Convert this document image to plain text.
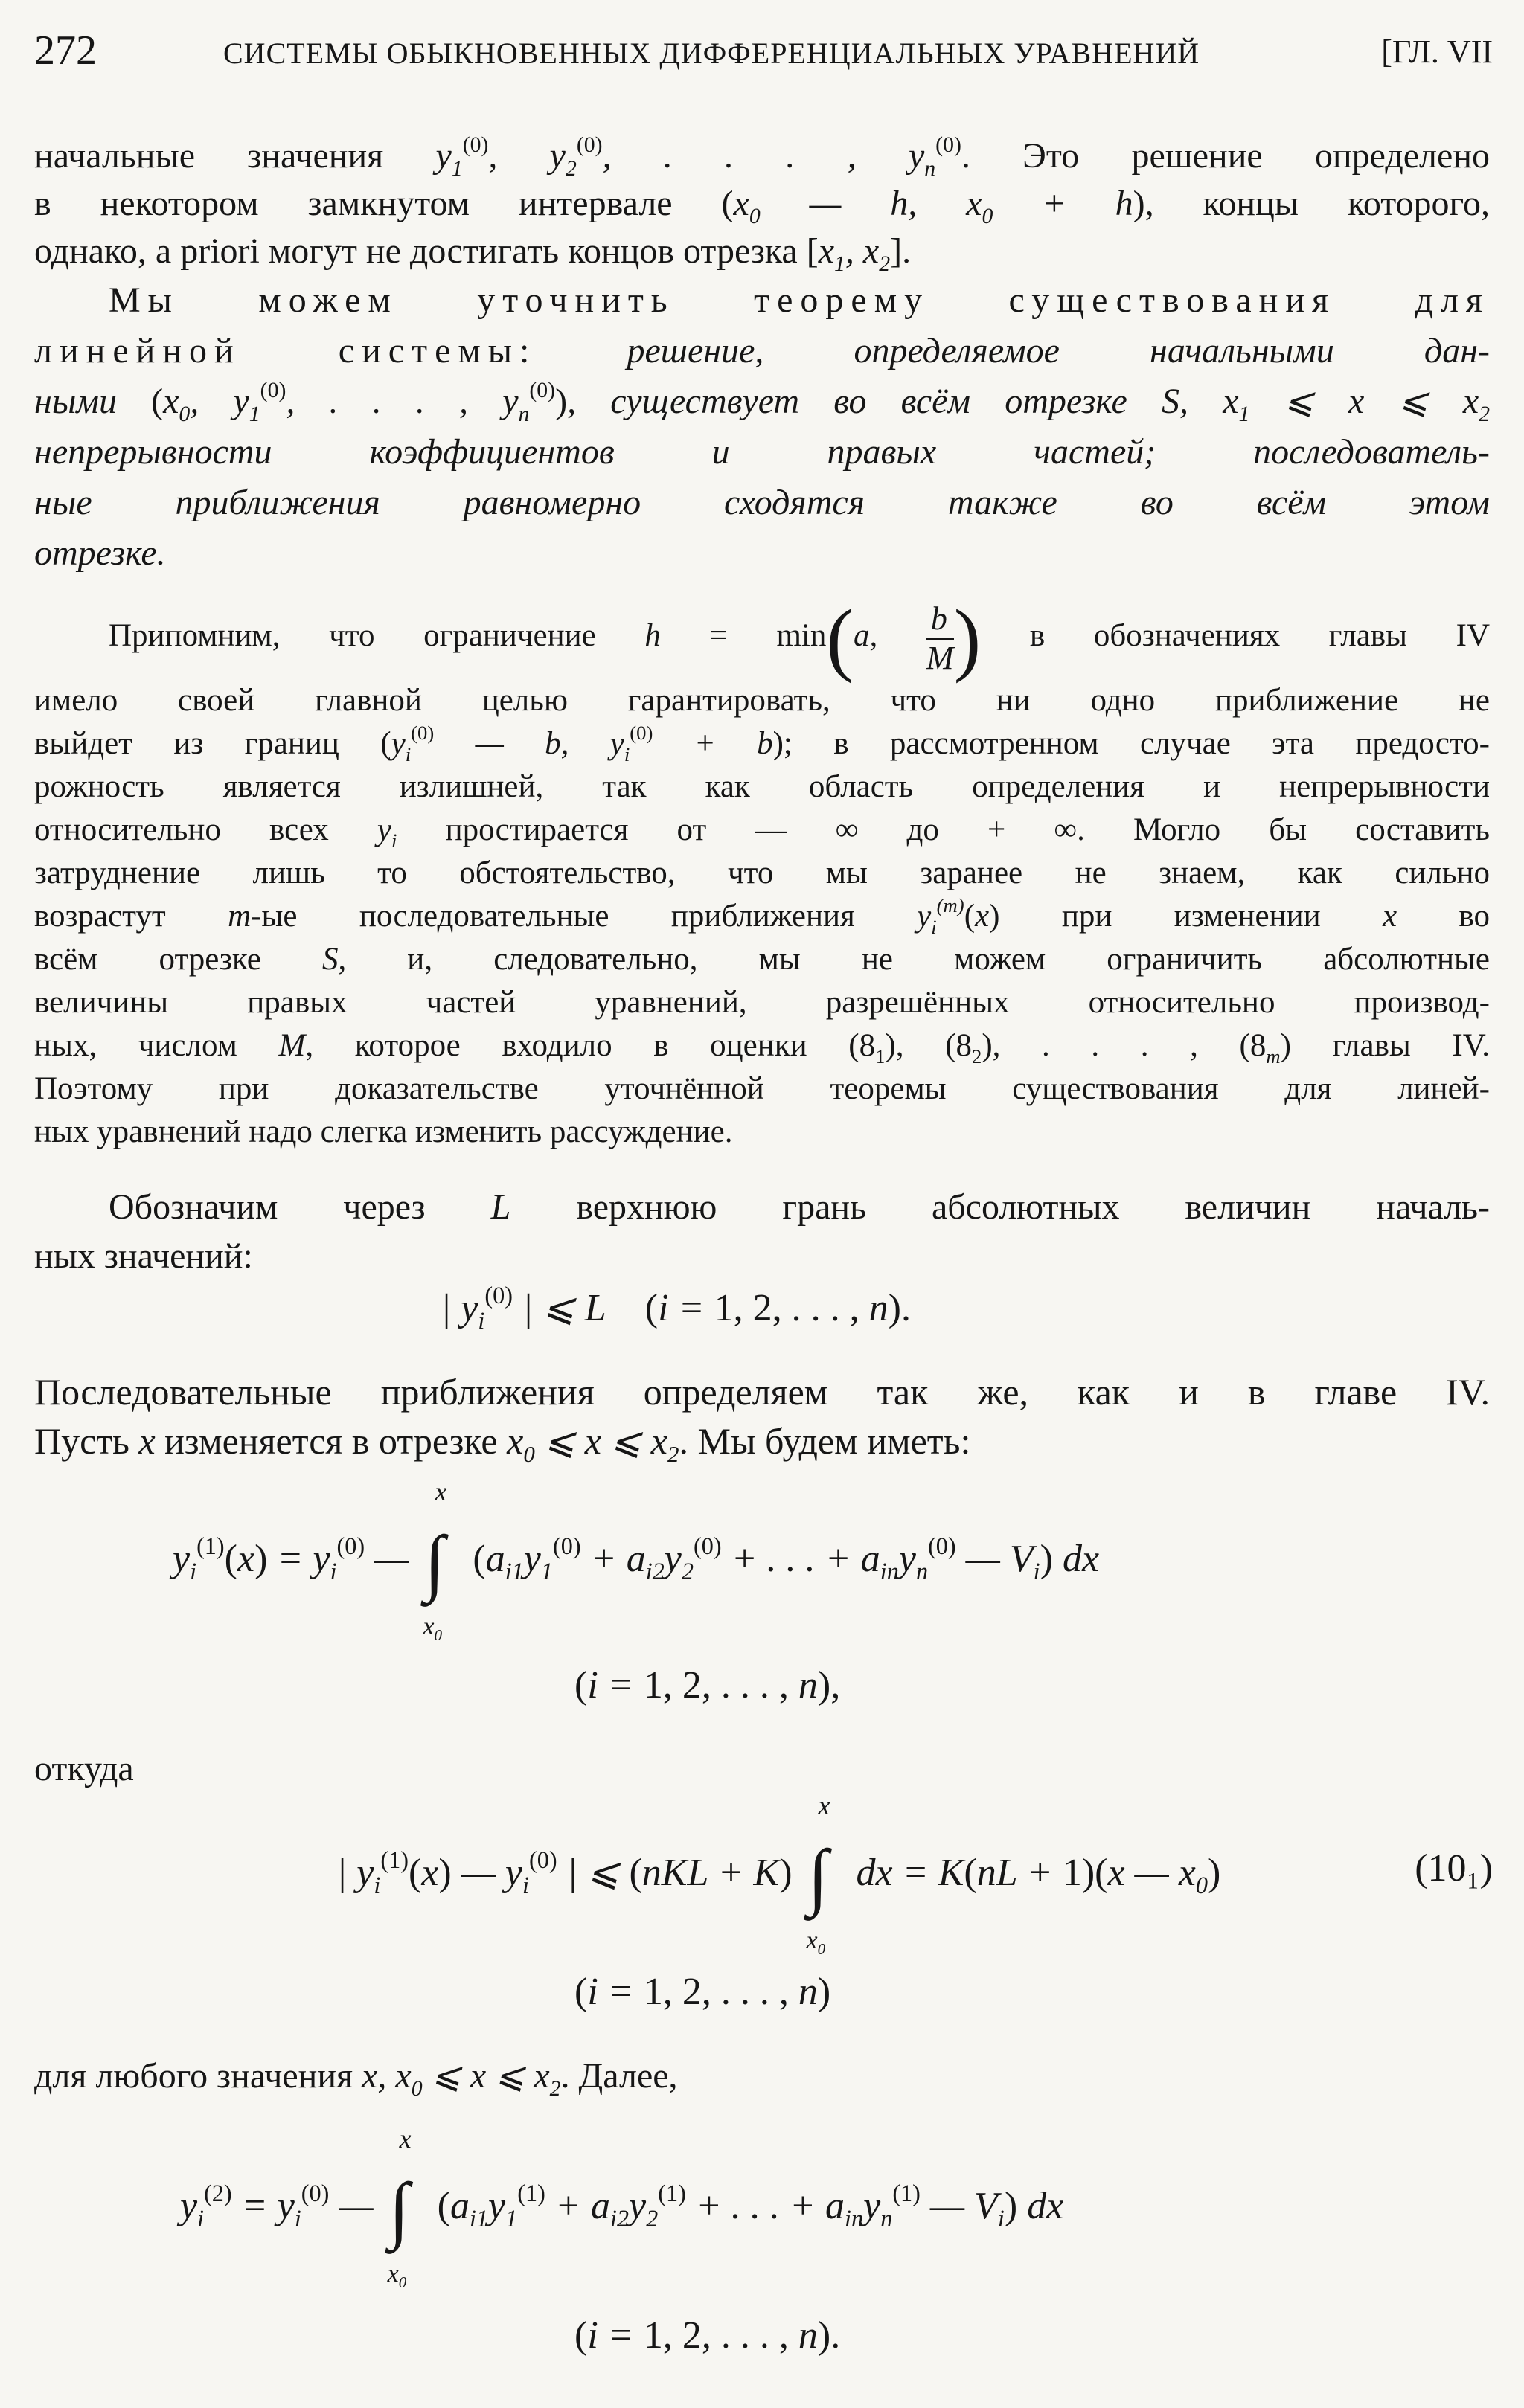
272	СИСТЕМЫ ОБЫКНОВЕННЫХ ДИФФЕРЕНЦИАЛЬНЫХ УРАВНЕНИЙ	[ГЛ. VII
начальные значения $y_1^{(0)}$, $y_2^{(0)}$, . . . , $y_n^{(0)}$. Это решение определено
в некотором замкнутом интервале ($x_0$ — h, $x_0 + h$), концы которого,
однако, a priori могут не достигать концов отрезка [$x_1$, $x_2$].
Мы можем уточнить теорему существования для
линейной системы:	решение, определяемое начальными дан-
ными ($x_0$, $y_1^{(0)}$, . . . , $y_n^{(0)}$), существует во всём отрезке S, $x_1$ ⩽ x ⩽ $x_2$
непрерывности коэффициентов и правых частей; последователь-
ные приближения равномерно сходятся также во всём этом
отрезке.
Припомним, что ограничение h = min(a, $\frac{b}{M}$ ) в обозначениях главы IV
имело своей главной целью гарантировать, что ни одно приближение не
выйдет из границ ($y_i^{(0)}$ — b, $y_i^{(0)} + b$); в рассмотренном случае эта предосто-
рожность является излишней, так как область определения и непрерывности
относительно всех $y_i$ простирается от — ∞ до + ∞. Могло бы составить
затруднение лишь то обстоятельство, что мы заранее не знаем, как сильно
возрастут m-ые последовательные приближения $y_i^{(m)}(x)$ при изменении x во
всём отрезке S, и, следовательно, мы не можем ограничить абсолютные
величины правых частей уравнений, разрешённых относительно производ-
ных, числом M, которое входило в оценки $(8_1)$, $(8_2)$, . . . , $(8_m)$ главы IV.
Поэтому при доказательстве уточнённой теоремы существования для линей-
ных уравнений надо слегка изменить рассуждение.
Обозначим через L верхнюю грань абсолютных величин началь-
ных значений:
| $y_i^{(0)}$ | ⩽ L (i = 1, 2, . . . , n).
Последовательные приближения определяем так же, как и в главе IV.
Пусть x изменяется в отрезке $x_0$ ⩽ x ⩽ $x_2$. Мы будем иметь:
$y_i^{(1)}(x) = y_i^{(0)}$ — ∫
x
$x_0$
($a_{i1}y_1^{(0)} + a_{i2}y_2^{(0)}$ + . . . + $a_{in}y_n^{(0)}$ — $V_i$) dx
(i = 1, 2, . . . , n),
откуда
| $y_i^{(1)}(x)$ — $y_i^{(0)}$ | ⩽ (nKL + K) ∫
x
$x_0$
dx = K(nL + 1)(x — $x_0$)	(10₁)
(i = 1, 2, . . . , n)
для любого значения x, $x_0$ ⩽ x ⩽ $x_2$. Далее,
$y_i^{(2)} = y_i^{(0)}$ — ∫
x
$x_0$
($a_{i1}y_1^{(1)} + a_{i2}y_2^{(1)}$ + . . . + $a_{in}y_n^{(1)}$ — $V_i$) dx
(i = 1, 2, . . . , n).
